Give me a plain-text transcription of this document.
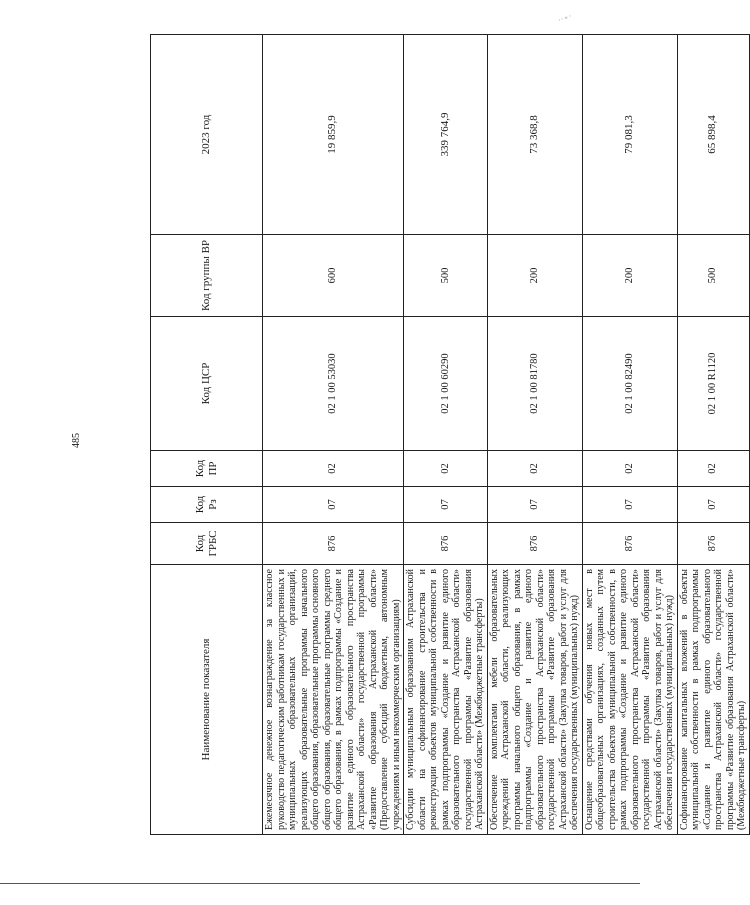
485
⋅⋅⋆⋅
Наименование показателя	Код ГРБС	Код Рз	Код ПР	Код ЦСР	Код группы ВР	2023 год
Ежемесячное денежное вознаграждение за классное руководство педагогическим работникам государственных и муниципальных образовательных организаций, реализующих образовательные программы начального общего образования, образовательные программы основного общего образования, образовательные программы среднего общего образования, в рамках подпрограммы «Создание и развитие единого образовательного пространства Астраханской области» государственной программы «Развитие образования Астраханской области» (Предоставление субсидий бюджетным, автономным учреждениям и иным некоммерческим организациям)	876	07	02	02 1 00 53030	600	19 859,9
Субсидии муниципальным образованиям Астраханской области на софинансирование строительства и реконструкции объектов муниципальной собственности в рамках подпрограммы «Создание и развитие единого образовательного пространства Астраханской области» государственной программы «Развитие образования Астраханской области» (Межбюджетные трансферты)	876	07	02	02 1 00 60290	500	339 764,9
Обеспечение комплектами мебели образовательных учреждений Астраханской области, реализующих программы начального общего образования, в рамках подпрограммы «Создание и развитие единого образовательного пространства Астраханской области» государственной программы «Развитие образования Астраханской области» (Закупка товаров, работ и услуг для обеспечения государственных (муниципальных) нужд)	876	07	02	02 1 00 81780	200	73 368,8
Оснащение средствами обучения новых мест в общеобразовательных организациях, созданных путем строительства объектов муниципальной собственности, в рамках подпрограммы «Создание и развитие единого образовательного пространства Астраханской области» государственной программы «Развитие образования Астраханской области» (Закупка товаров, работ и услуг для обеспечения государственных (муниципальных) нужд)	876	07	02	02 1 00 82490	200	79 081,3
Софинансирование капитальных вложений в объекты муниципальной собственности в рамках подпрограммы «Создание и развитие единого образовательного пространства Астраханской области» государственной программы «Развитие образования Астраханской области» (Межбюджетные трансферты)	876	07	02	02 1 00 R1120	500	65 898,4
